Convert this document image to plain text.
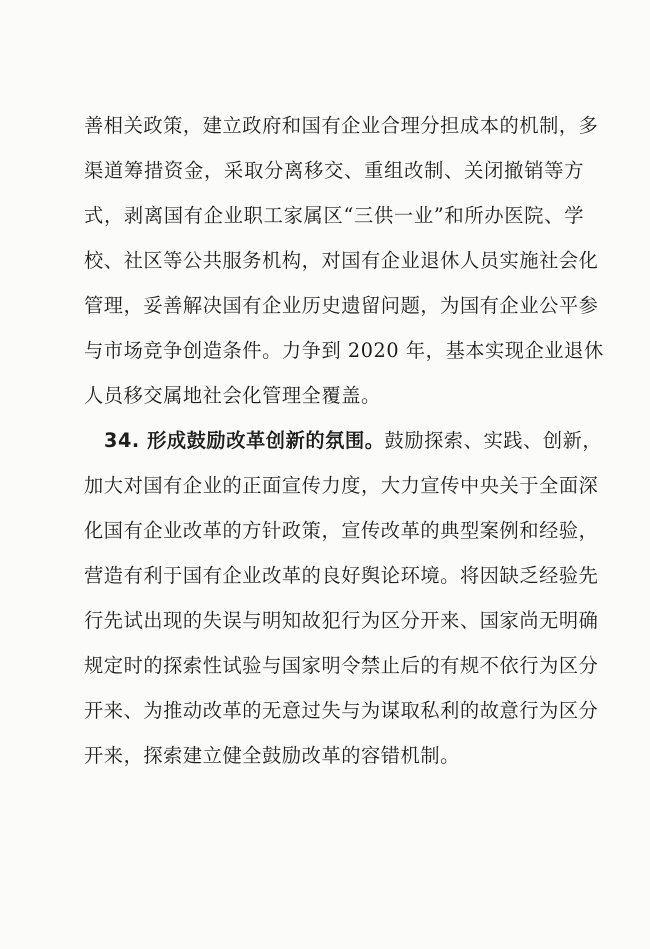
善相关政策，建立政府和国有企业合理分担成本的机制，多
渠道筹措资金，采取分离移交、重组改制、关闭撤销等方
式，剥离国有企业职工家属区“三供一业”和所办医院、学
校、社区等公共服务机构，对国有企业退休人员实施社会化
管理，妥善解决国有企业历史遗留问题，为国有企业公平参
与市场竞争创造条件。力争到 2020 年，基本实现企业退休
人员移交属地社会化管理全覆盖。
34. 形成鼓励改革创新的氛围。鼓励探索、实践、创新，
加大对国有企业的正面宣传力度，大力宣传中央关于全面深
化国有企业改革的方针政策，宣传改革的典型案例和经验，
营造有利于国有企业改革的良好舆论环境。将因缺乏经验先
行先试出现的失误与明知故犯行为区分开来、国家尚无明确
规定时的探索性试验与国家明令禁止后的有规不依行为区分
开来、为推动改革的无意过失与为谋取私利的故意行为区分
开来，探索建立健全鼓励改革的容错机制。
